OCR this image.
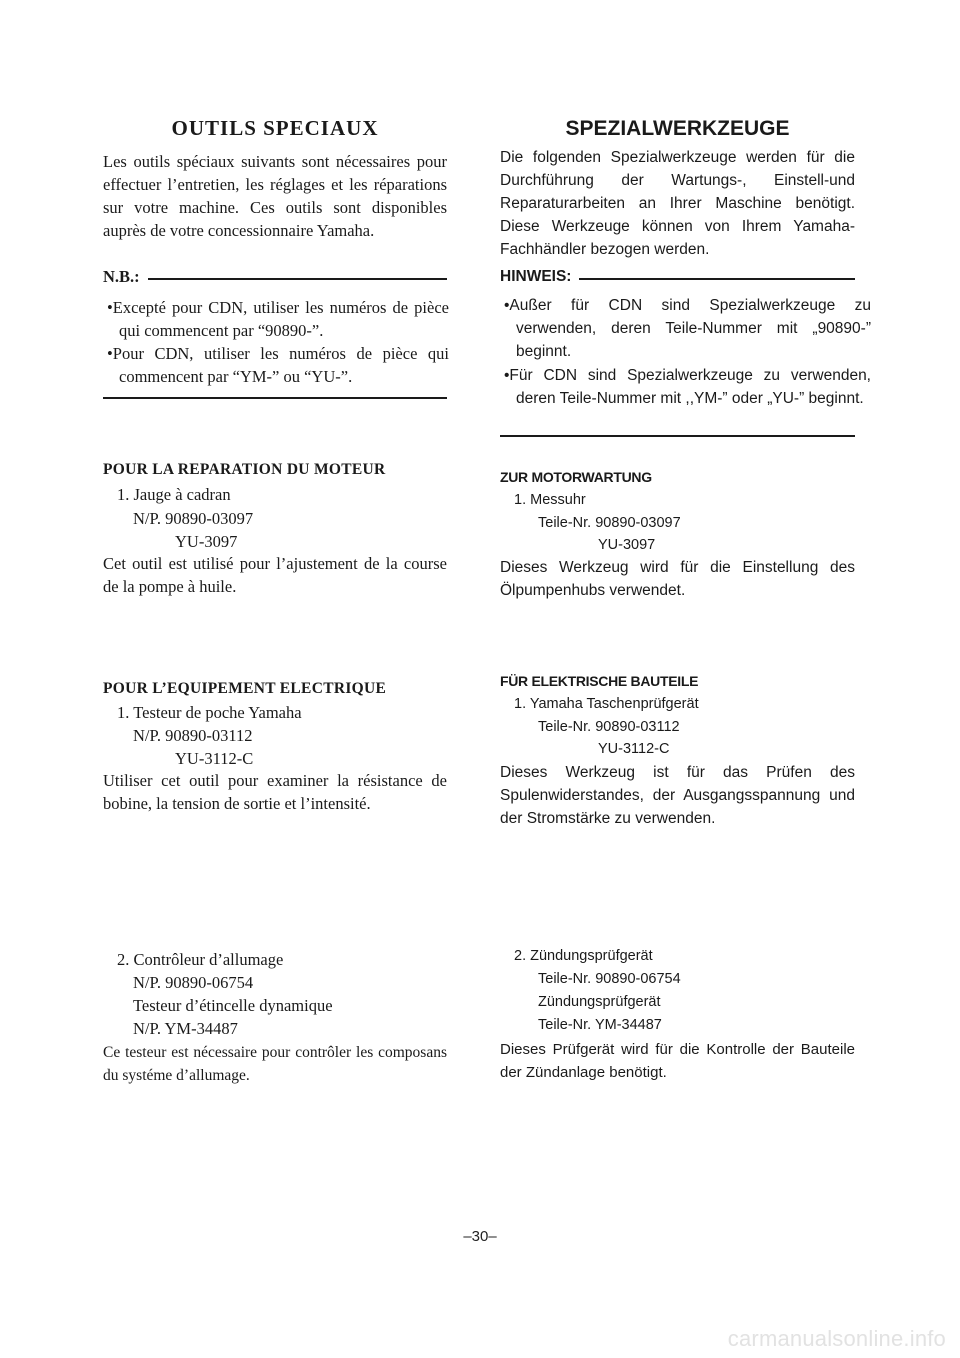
OUTILS SPECIAUX

Les outils spéciaux suivants sont nécessaires pour effectuer l’entretien, les réglages et les réparations sur votre machine. Ces outils sont disponibles auprès de votre concessionnaire Yamaha.

N.B.:

•Excepté pour CDN, utiliser les numéros de pièce qui commencent par “90890-”.

•Pour CDN, utiliser les numéros de pièce qui commencent par “YM-” ou “YU-”.

POUR LA REPARATION DU MOTEUR
1. Jauge à cadran
N/P. 90890-03097
YU-3097

Cet outil est utilisé pour l’ajustement de la course de la pompe à huile.

POUR L’EQUIPEMENT ELECTRIQUE
1. Testeur de poche Yamaha
N/P. 90890-03112
YU-3112-C

Utiliser cet outil pour examiner la résistance de bobine, la tension de sortie et l’intensité.

2. Contrôleur d’allumage
N/P. 90890-06754
Testeur d’étincelle dynamique
N/P. YM-34487

Ce testeur est nécessaire pour contrôler les composans du systéme d’allumage.

SPEZIALWERKZEUGE

Die folgenden Spezialwerkzeuge werden für die Durchführung der Wartungs-, Einstell-und Reparaturarbeiten an Ihrer Maschine benötigt. Diese Werkzeuge können von Ihrem Yamaha-Fachhändler bezogen werden.

HINWEIS:

•Außer für CDN sind Spezialwerkzeuge zu verwenden, deren Teile-Nummer mit „90890-” beginnt.

•Für CDN sind Spezialwerkzeuge zu verwenden, deren Teile-Nummer mit ,,YM-” oder „YU-” beginnt.

ZUR MOTORWARTUNG
1. Messuhr
Teile-Nr. 90890-03097
YU-3097

Dieses Werkzeug wird für die Einstellung des Ölpumpenhubs verwendet.

FÜR ELEKTRISCHE BAUTEILE
1. Yamaha Taschenprüfgerät
Teile-Nr. 90890-03112
YU-3112-C

Dieses Werkzeug ist für das Prüfen des Spulenwiderstandes, der Ausgangsspannung und der Stromstärke zu verwenden.

2. Zündungsprüfgerät
Teile-Nr. 90890-06754
Zündungsprüfgerät
Teile-Nr. YM-34487

Dieses Prüfgerät wird für die Kontrolle der Bauteile der Zündanlage benötigt.

–30–
carmanualsonline.info
